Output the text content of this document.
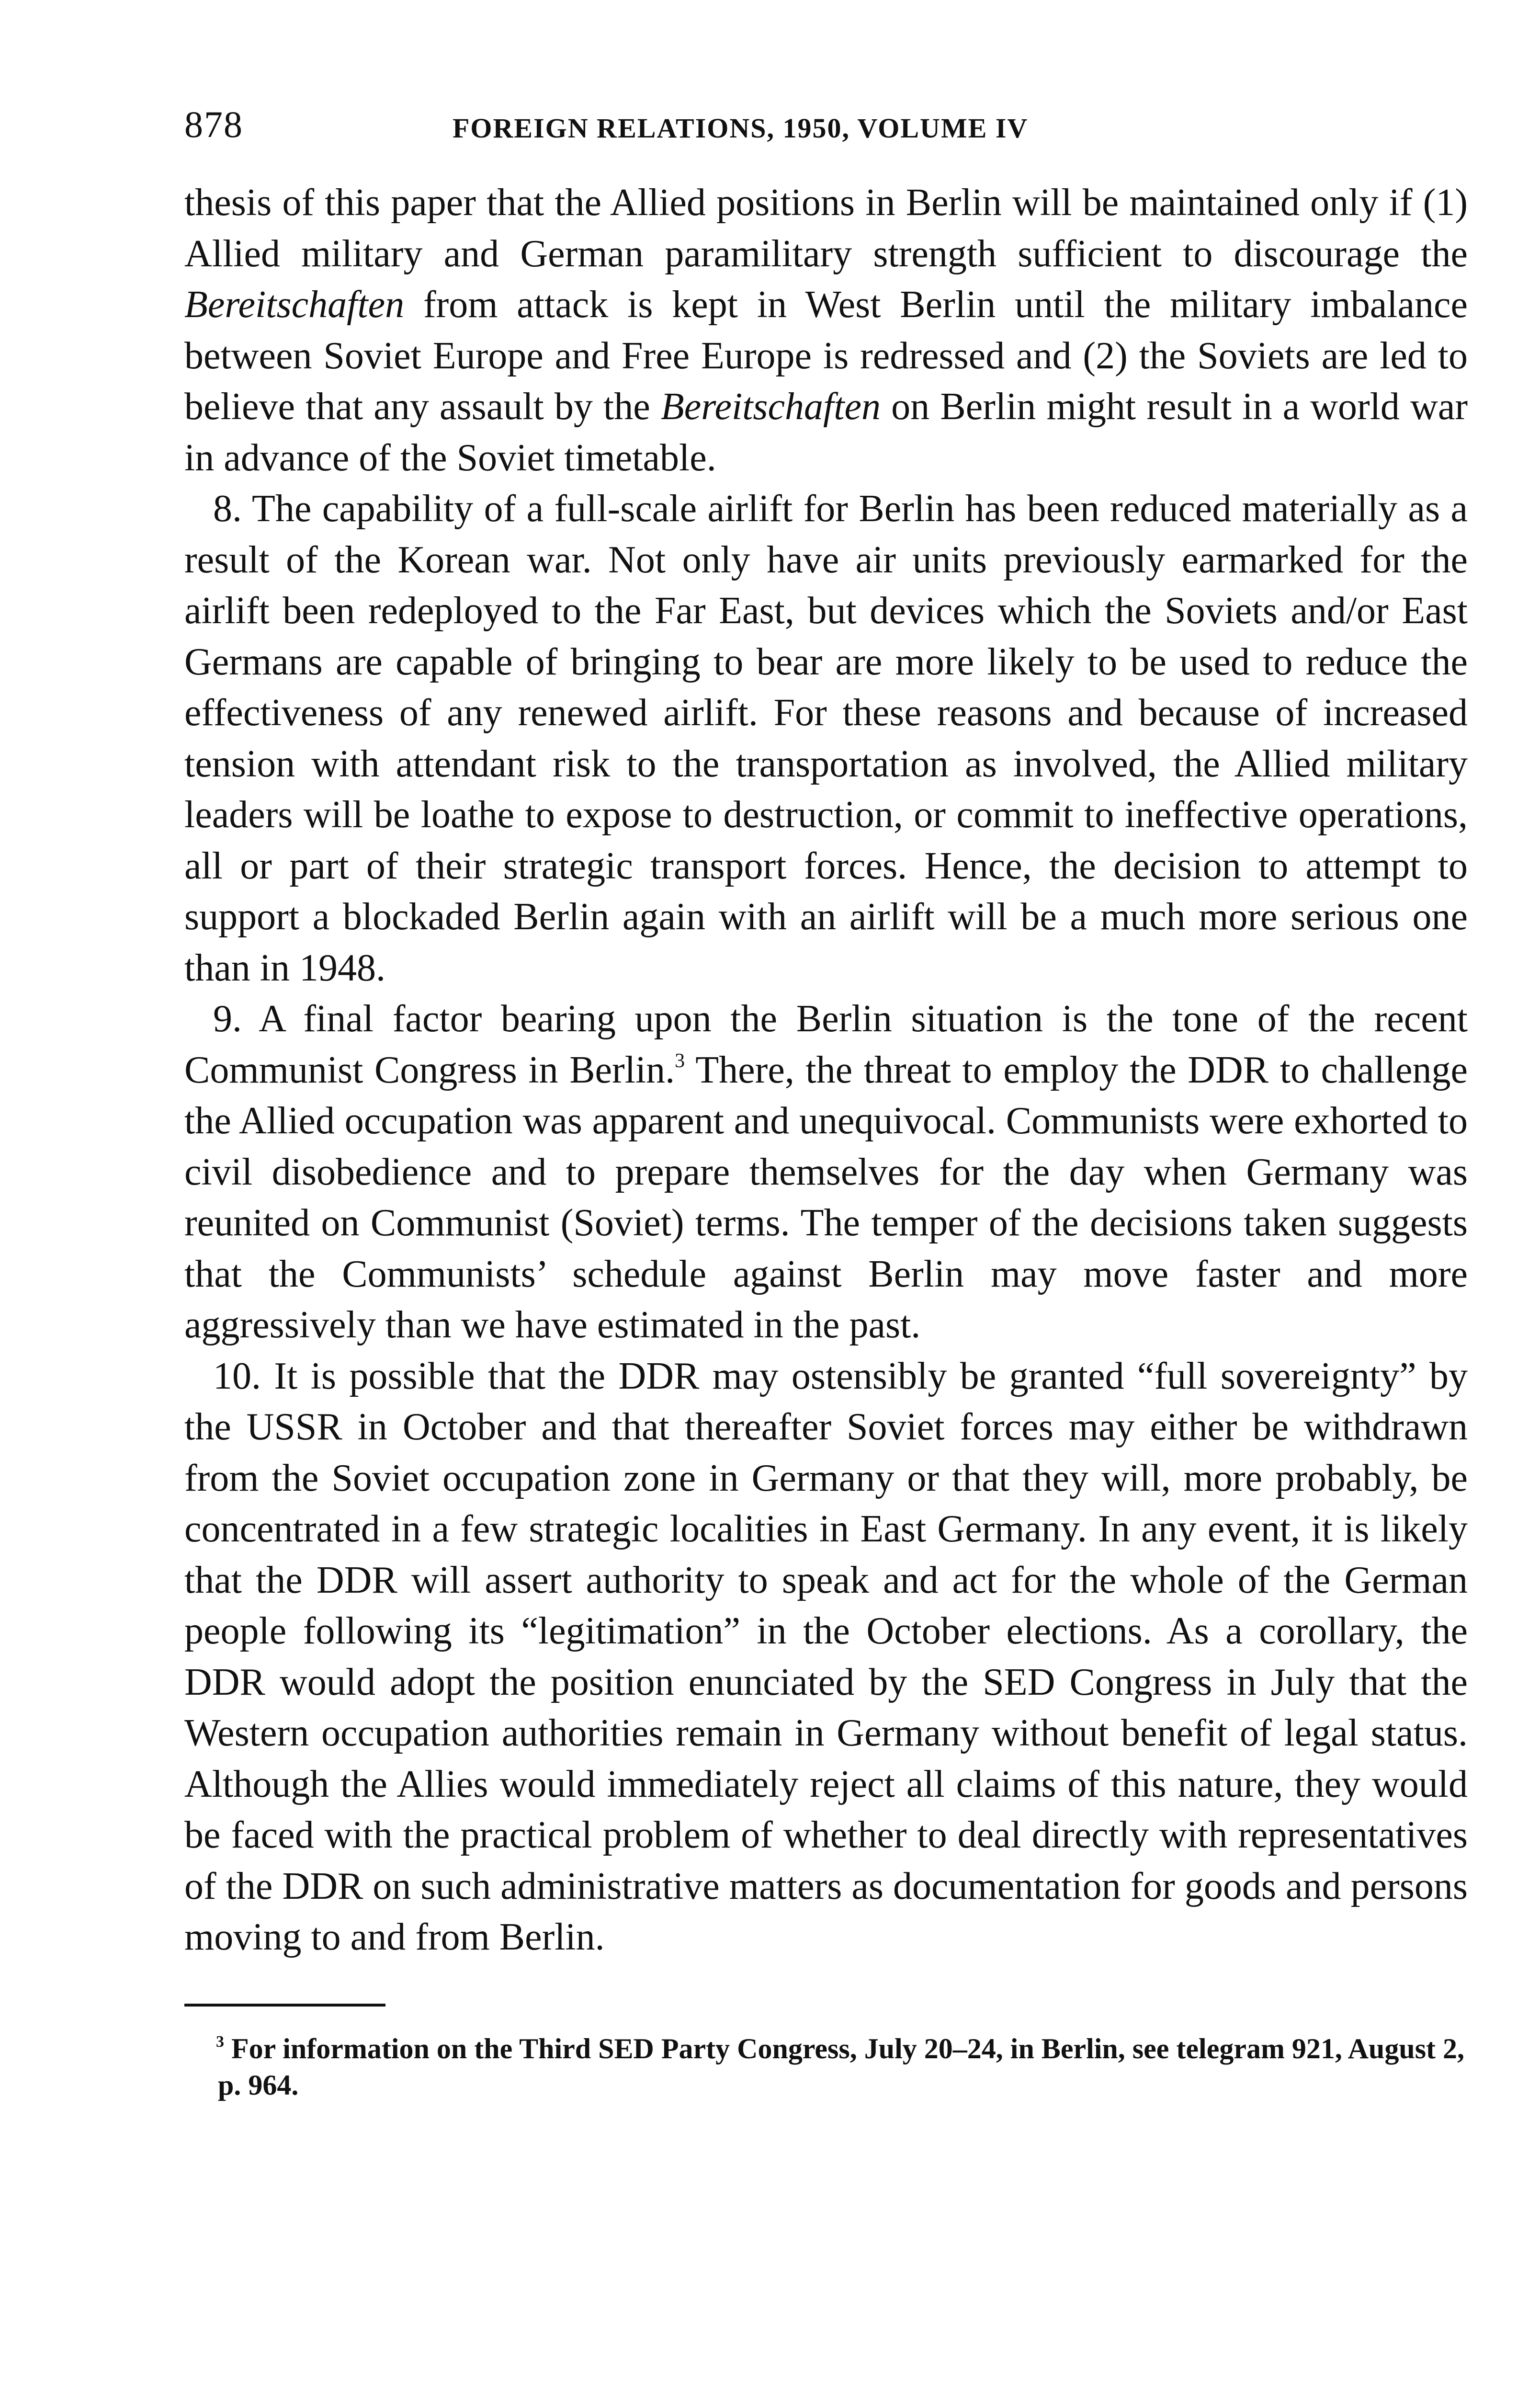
878	FOREIGN RELATIONS, 1950, VOLUME IV

thesis of this paper that the Allied positions in Berlin will be maintained only if (1) Allied military and German paramilitary strength sufficient to discourage the Bereitschaften from attack is kept in West Berlin until the military imbalance between Soviet Europe and Free Europe is redressed and (2) the Soviets are led to believe that any assault by the Bereitschaften on Berlin might result in a world war in advance of the Soviet timetable.

8. The capability of a full-scale airlift for Berlin has been reduced materially as a result of the Korean war. Not only have air units previously earmarked for the airlift been redeployed to the Far East, but devices which the Soviets and/or East Germans are capable of bringing to bear are more likely to be used to reduce the effectiveness of any renewed airlift. For these reasons and because of increased tension with attendant risk to the transportation as involved, the Allied military leaders will be loathe to expose to destruction, or commit to ineffective operations, all or part of their strategic transport forces. Hence, the decision to attempt to support a blockaded Berlin again with an airlift will be a much more serious one than in 1948.

9. A final factor bearing upon the Berlin situation is the tone of the recent Communist Congress in Berlin.$^3$ There, the threat to employ the DDR to challenge the Allied occupation was apparent and unequivocal. Communists were exhorted to civil disobedience and to prepare themselves for the day when Germany was reunited on Communist (Soviet) terms. The temper of the decisions taken suggests that the Communists’ schedule against Berlin may move faster and more aggressively than we have estimated in the past.

10. It is possible that the DDR may ostensibly be granted “full sovereignty” by the USSR in October and that thereafter Soviet forces may either be withdrawn from the Soviet occupation zone in Germany or that they will, more probably, be concentrated in a few strategic localities in East Germany. In any event, it is likely that the DDR will assert authority to speak and act for the whole of the German people following its “legitimation” in the October elections. As a corollary, the DDR would adopt the position enunciated by the SED Congress in July that the Western occupation authorities remain in Germany without benefit of legal status. Although the Allies would immediately reject all claims of this nature, they would be faced with the practical problem of whether to deal directly with representatives of the DDR on such administrative matters as documentation for goods and persons moving to and from Berlin.

$^3$ For information on the Third SED Party Congress, July 20–24, in Berlin, see telegram 921, August 2, p. 964.
